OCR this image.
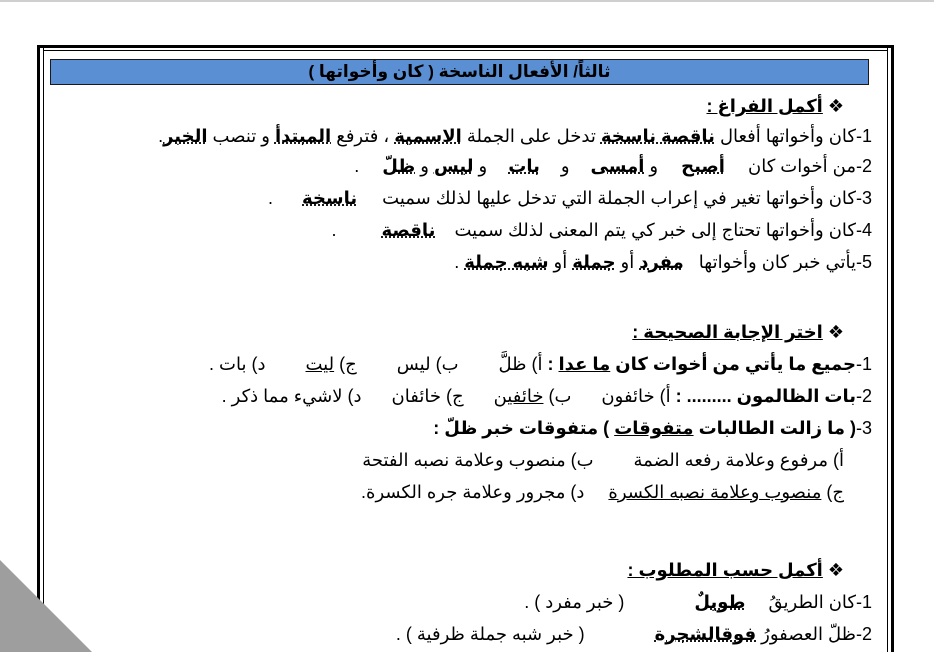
ثالثاً/ الأفعال الناسخة ( كان وأخواتها )
❖ أكمل الفراغ :
1-كان وأخواتها أفعال ناقصة ناسخة تدخل على الجملة الاسمية ، فترفع المبتدأ و تنصب الخبر.
2-من أخوات كان أصبح و أمسى و بات و ليس و ظلّ .
3-كان وأخواتها تغير في إعراب الجملة التي تدخل عليها لذلك سميت ناسخة .
4-كان وأخواتها تحتاج إلى خبر كي يتم المعنى لذلك سميت ناقصة .
5-يأتي خبر كان وأخواتها مفرد أو جملة أو شبه جملة .
❖ اختر الإجابة الصحيحة :
1-جميع ما يأتي من أخوات كان ما عدا : أ) ظلَّب) ليسج) ليتد) بات .
2-بات الظالمون ......... : أ) خائفونب) خائفينج) خائفاند) لاشيء مما ذكر .
3-( ما زالت الطالبات متفوقات ) متفوقات خبر ظلّ :
أ) مرفوع وعلامة رفعه الضمةب) منصوب وعلامة نصبه الفتحة
ج) منصوب وعلامة نصبه الكسرةد) مجرور وعلامة جره الكسرة.
❖ أكمل حسب المطلوب :
1-كان الطريقُ طويلٌ( خبر مفرد ) .
2-ظلّ العصفورُ فوقالشجرة( خبر شبه جملة ظرفية ) .
